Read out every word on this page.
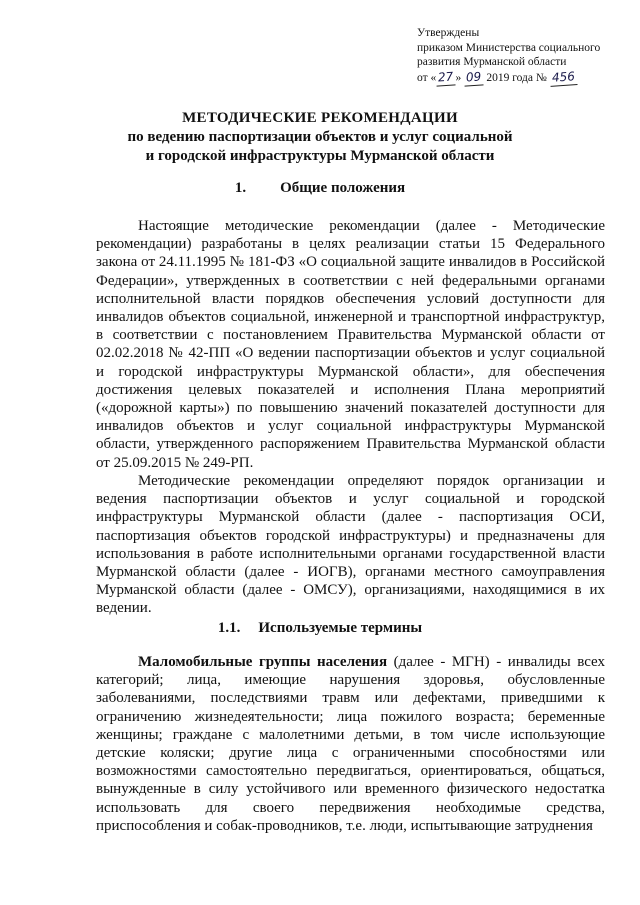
Утверждены
приказом Министерства социального
развития Мурманской области
от «27 » 09 2019 года № 456
МЕТОДИЧЕСКИЕ РЕКОМЕНДАЦИИ
по ведению паспортизации объектов и услуг социальной
и городской инфраструктуры Мурманской области
1. Общие положения
Настоящие методические рекомендации (далее - Методические рекомендации) разработаны в целях реализации статьи 15 Федерального закона от 24.11.1995 № 181-ФЗ «О социальной защите инвалидов в Российской Федерации», утвержденных в соответствии с ней федеральными органами исполнительной власти порядков обеспечения условий доступности для инвалидов объектов социальной, инженерной и транспортной инфраструктур, в соответствии с постановлением Правительства Мурманской области от 02.02.2018 № 42-ПП «О ведении паспортизации объектов и услуг социальной и городской инфраструктуры Мурманской области», для обеспечения достижения целевых показателей и исполнения Плана мероприятий («дорожной карты») по повышению значений показателей доступности для инвалидов объектов и услуг социальной инфраструктуры Мурманской области, утвержденного распоряжением Правительства Мурманской области от 25.09.2015 № 249-РП.
Методические рекомендации определяют порядок организации и ведения паспортизации объектов и услуг социальной и городской инфраструктуры Мурманской области (далее - паспортизация ОСИ, паспортизация объектов городской инфраструктуры) и предназначены для использования в работе исполнительными органами государственной власти Мурманской области (далее - ИОГВ), органами местного самоуправления Мурманской области (далее - ОМСУ), организациями, находящимися в их ведении.
1.1. Используемые термины
Маломобильные группы населения (далее - МГН) - инвалиды всех категорий; лица, имеющие нарушения здоровья, обусловленные заболеваниями, последствиями травм или дефектами, приведшими к ограничению жизнедеятельности; лица пожилого возраста; беременные женщины; граждане с малолетними детьми, в том числе использующие детские коляски; другие лица с ограниченными способностями или возможностями самостоятельно передвигаться, ориентироваться, общаться, вынужденные в силу устойчивого или временного физического недостатка использовать для своего передвижения необходимые средства, приспособления и собак-проводников, т.е. люди, испытывающие затруднения
